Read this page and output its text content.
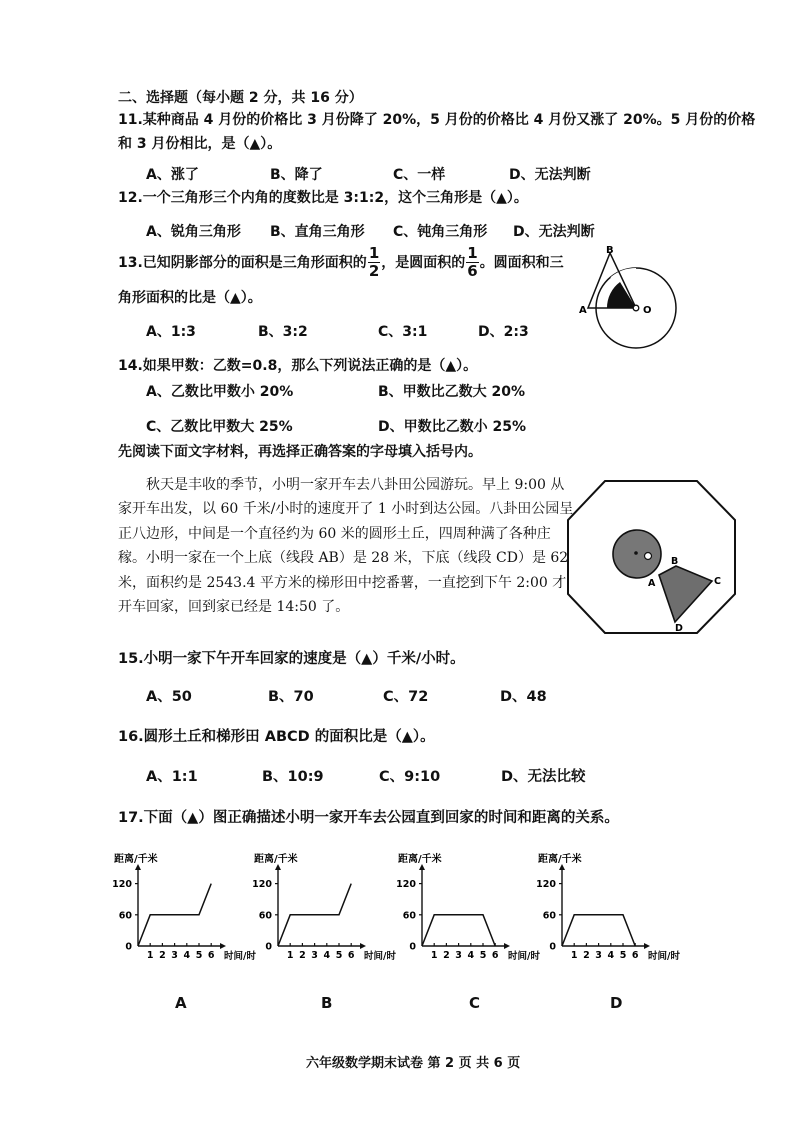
二、选择题（每小题 2 分，共 16 分）
11.某种商品 4 月份的价格比 3 月份降了 20%，5 月份的价格比 4 月份又涨了 20%。5 月份的价格
和 3 月份相比，是（▲）。
A、涨了	B、降了	C、一样	D、无法判断
12.一个三角形三个内角的度数比是 3:1:2，这个三角形是（▲）。
A、锐角三角形 B、直角三角形 C、钝角三角形 D、无法判断
13.已知阴影部分的面积是三角形面积的 $\frac{1}{2}$ ，是圆面积的 $\frac{1}{6}$ 。圆面积和三
角形面积的比是（▲）。
A、1:3	B、3:2	C、3:1	D、2:3
B
A	O
14.如果甲数：乙数=0.8，那么下列说法正确的是（▲）。
A、乙数比甲数小 20%	B、甲数比乙数大 20%
C、乙数比甲数大 25%	D、甲数比乙数小 25%
先阅读下面文字材料，再选择正确答案的字母填入括号内。
秋天是丰收的季节，小明一家开车去八卦田公园游玩。早上 9:00 从家开车出发，以 60 千米/小时的速度开了 1 小时到达公园。八卦田公园呈正八边形，中间是一个直径约为 60 米的圆形土丘，四周种满了各种庄稼。小明一家在一个上底（线段 AB）是 28 米，下底（线段 CD）是 62 米，面积约是 2543.4 平方米的梯形田中挖番薯，一直挖到下午 2:00 才开车回家，回到家已经是 14:50 了。
B
A	C
D
15.小明一家下午开车回家的速度是（▲）千米/小时。
A、50	B、70	C、72	D、48
16.圆形土丘和梯形田 ABCD 的面积比是（▲）。
A、1:1	B、10:9	C、9:10	D、无法比较
17.下面（▲）图正确描述小明一家开车去公园直到回家的时间和距离的关系。
0
60
120
1 2 3 4 5 6
距离/千米
时间/时
0
60
120
1 2 3 4 5 6
距离/千米
时间/时
0
60
120
1 2 3 4 5 6
距离/千米
时间/时
0
60
120
1 2 3 4 5 6
距离/千米
时间/时
A	B	C	D
六年级数学期末试卷 第 2 页 共 6 页
